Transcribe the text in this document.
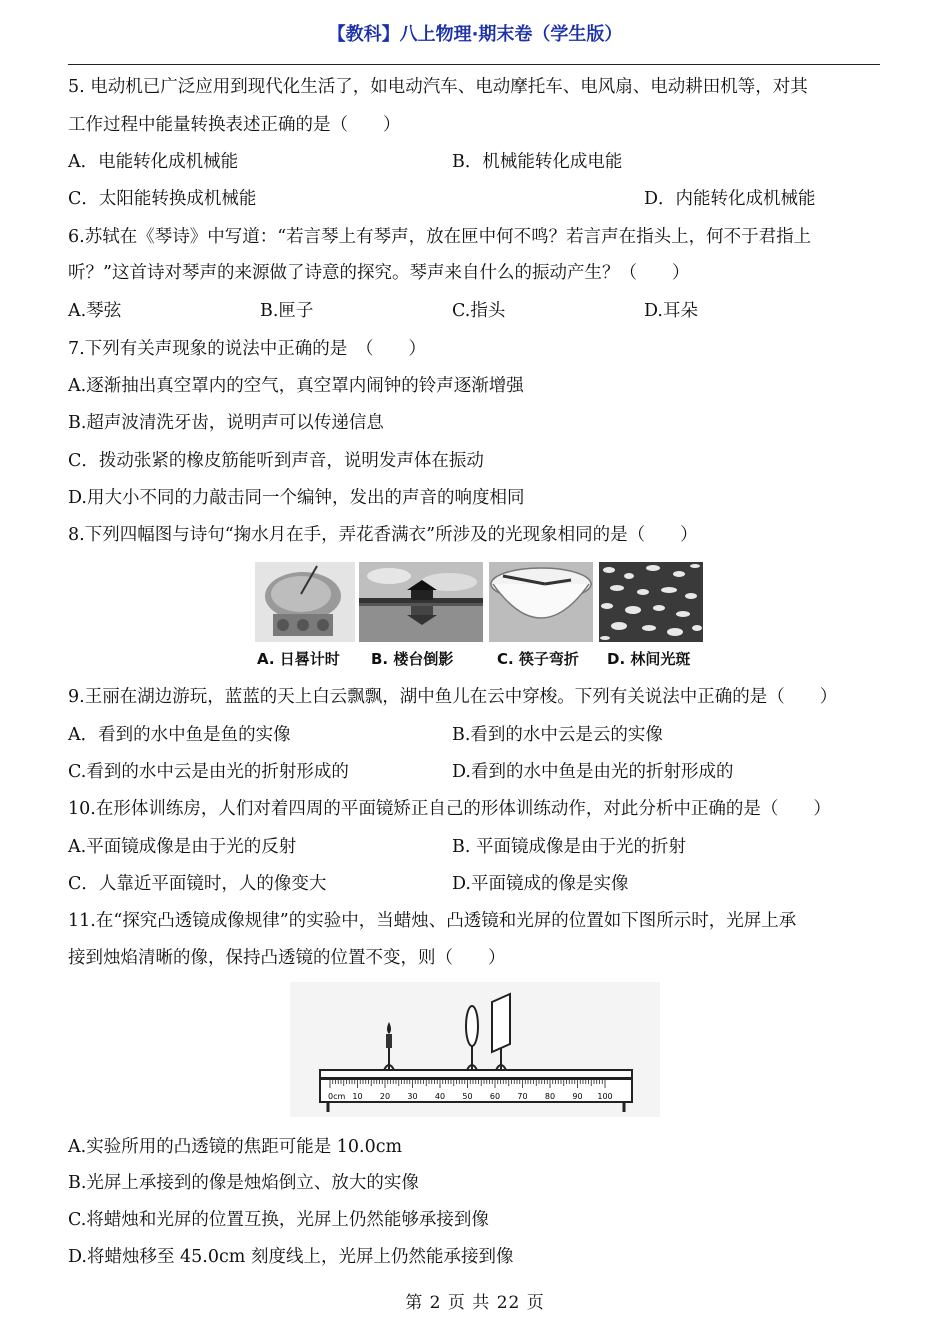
【教科】八上物理·期末卷（学生版）
5. 电动机已广泛应用到现代化生活了，如电动汽车、电动摩托车、电风扇、电动耕田机等，对其
工作过程中能量转换表述正确的是（　　）
A．电能转化成机械能	B．机械能转化成电能
C．太阳能转换成机械能	D．内能转化成机械能
6.苏轼在《琴诗》中写道：“若言琴上有琴声，放在匣中何不鸣？若言声在指头上，何不于君指上
听？”这首诗对琴声的来源做了诗意的探究。琴声来自什么的振动产生？（　　）
A.琴弦	B.匣子	C.指头	D.耳朵
7.下列有关声现象的说法中正确的是　（　　）
A.逐渐抽出真空罩内的空气，真空罩内闹钟的铃声逐渐增强
B.超声波清洗牙齿，说明声可以传递信息
C．拨动张紧的橡皮筋能听到声音，说明发声体在振动
D.用大小不同的力敲击同一个编钟，发出的声音的响度相同
8.下列四幅图与诗句“掬水月在手，弄花香满衣”所涉及的光现象相同的是（　　）
A. 日晷计时 B. 楼台倒影	C. 筷子弯折 D. 林间光斑
9.王丽在湖边游玩，蓝蓝的天上白云飘飘，湖中鱼儿在云中穿梭。下列有关说法中正确的是（　　）
A．看到的水中鱼是鱼的实像	B.看到的水中云是云的实像
C.看到的水中云是由光的折射形成的	D.看到的水中鱼是由光的折射形成的
10.在形体训练房，人们对着四周的平面镜矫正自己的形体训练动作，对此分析中正确的是（　　）
A.平面镜成像是由于光的反射	B. 平面镜成像是由于光的折射
C．人靠近平面镜时，人的像变大	D.平面镜成的像是实像
11.在“探究凸透镜成像规律”的实验中，当蜡烛、凸透镜和光屏的位置如下图所示时，光屏上承
接到烛焰清晰的像，保持凸透镜的位置不变，则（　　）
0cm 10 20 30 40 50 60 70 80 90 100
A.实验所用的凸透镜的焦距可能是 10.0cm
B.光屏上承接到的像是烛焰倒立、放大的实像
C.将蜡烛和光屏的位置互换，光屏上仍然能够承接到像
D.将蜡烛移至 45.0cm 刻度线上，光屏上仍然能承接到像
第 2 页 共 22 页
